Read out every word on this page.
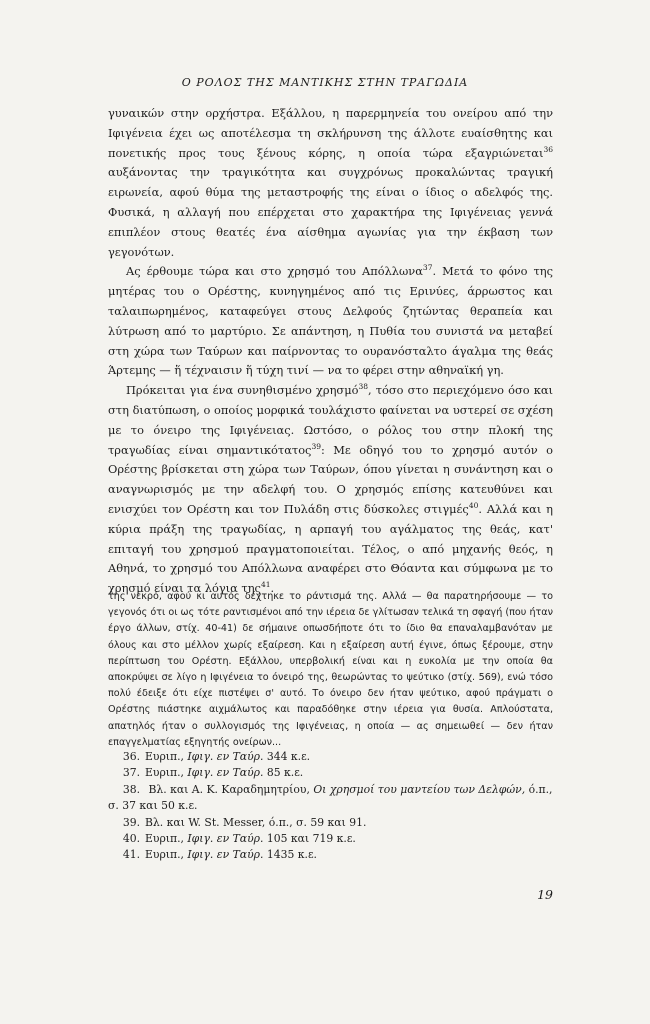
Ο ΡΟΛΟΣ ΤΗΣ ΜΑΝΤΙΚΗΣ ΣΤΗΝ ΤΡΑΓΩΔΙΑ

γυναικών στην ορχήστρα. Εξάλλου, η παρερμηνεία του ονείρου από την Ιφιγένεια έχει ως αποτέλεσμα τη σκλήρυνση της άλλοτε ευαίσθητης και πονετικής προς τους ξένους κόρης, η οποία τώρα εξαγριώνεται$^{36}$ αυξάνοντας την τραγικότητα και συγχρόνως προκαλώντας τραγική ειρωνεία, αφού θύμα της μεταστροφής της είναι ο ίδιος ο αδελφός της. Φυσικά, η αλλαγή που επέρχεται στο χαρακτήρα της Ιφιγένειας γεννά επιπλέον στους θεατές ένα αίσθημα αγωνίας για την έκβαση των γεγονότων.

Ας έρθουμε τώρα και στο χρησμό του Απόλλωνα$^{37}$. Μετά το φόνο της μητέρας του ο Ορέστης, κυνηγημένος από τις Ερινύες, άρρωστος και ταλαιπωρημένος, καταφεύγει στους Δελφούς ζητώντας θεραπεία και λύτρωση από το μαρτύριο. Σε απάντηση, η Πυθία του συνιστά να μεταβεί στη χώρα των Ταύρων και παίρνοντας το ουρανόσταλτο άγαλμα της θεάς Άρτεμης — ἥ τέχναισιν ἥ τύχη τινί — να το φέρει στην αθηναϊκή γη.

Πρόκειται για ένα συνηθισμένο χρησμό$^{38}$, τόσο στο περιεχόμενο όσο και στη διατύπωση, ο οποίος μορφικά τουλάχιστο φαίνεται να υστερεί σε σχέση με το όνειρο της Ιφιγένειας. Ωστόσο, ο ρόλος του στην πλοκή της τραγωδίας είναι σημαντικότατος$^{39}$: Με οδηγό του το χρησμό αυτόν ο Ορέστης βρίσκεται στη χώρα των Ταύρων, όπου γίνεται η συνάντηση και ο αναγνωρισμός με την αδελφή του. Ο χρησμός επίσης κατευθύνει και ενισχύει τον Ορέστη και τον Πυλάδη στις δύσκολες στιγμές$^{40}$. Αλλά και η κύρια πράξη της τραγωδίας, η αρπαγή του αγάλματος της θεάς, κατ' επιταγή του χρησμού πραγματοποιείται. Τέλος, ο από μηχανής θεός, η Αθηνά, το χρησμό του Απόλλωνα αναφέρει στο Θόαντα και σύμφωνα με το χρησμό είναι τα λόγια της$^{41}$.

της νεκρό, αφού κι αυτός δέχτηκε το ράντισμά της. Αλλά — θα παρατηρήσουμε — το γεγονός ότι οι ως τότε ραντισμένοι από την ιέρεια δε γλίτωσαν τελικά τη σφαγή (που ήταν έργο άλλων, στίχ. 40-41) δε σήμαινε οπωσδήποτε ότι το ίδιο θα επαναλαμβανόταν με όλους και στο μέλλον χωρίς εξαίρεση. Και η εξαίρεση αυτή έγινε, όπως ξέρουμε, στην περίπτωση του Ορέστη. Εξάλλου, υπερβολική είναι και η ευκολία με την οποία θα αποκρύψει σε λίγο η Ιφιγένεια το όνειρό της, θεωρώντας το ψεύτικο (στίχ. 569), ενώ τόσο πολύ έδειξε ότι είχε πιστέψει σ' αυτό. Το όνειρο δεν ήταν ψεύτικο, αφού πράγματι ο Ορέστης πιάστηκε αιχμάλωτος και παραδόθηκε στην ιέρεια για θυσία. Απλούστατα, απατηλός ήταν ο συλλογισμός της Ιφιγένειας, η οποία — ας σημειωθεί — δεν ήταν επαγγελματίας εξηγητής ονείρων...

36. Ευριπ., Ιφιγ. εν Ταύρ. 344 κ.ε.
37. Ευριπ., Ιφιγ. εν Ταύρ. 85 κ.ε.
38. Βλ. και Α. Κ. Καραδημητρίου, Οι χρησμοί του μαντείου των Δελφών, ό.π., σ. 37 και 50 κ.ε.
39. Βλ. και W. St. Messer, ό.π., σ. 59 και 91.
40. Ευριπ., Ιφιγ. εν Ταύρ. 105 και 719 κ.ε.
41. Ευριπ., Ιφιγ. εν Ταύρ. 1435 κ.ε.
19
